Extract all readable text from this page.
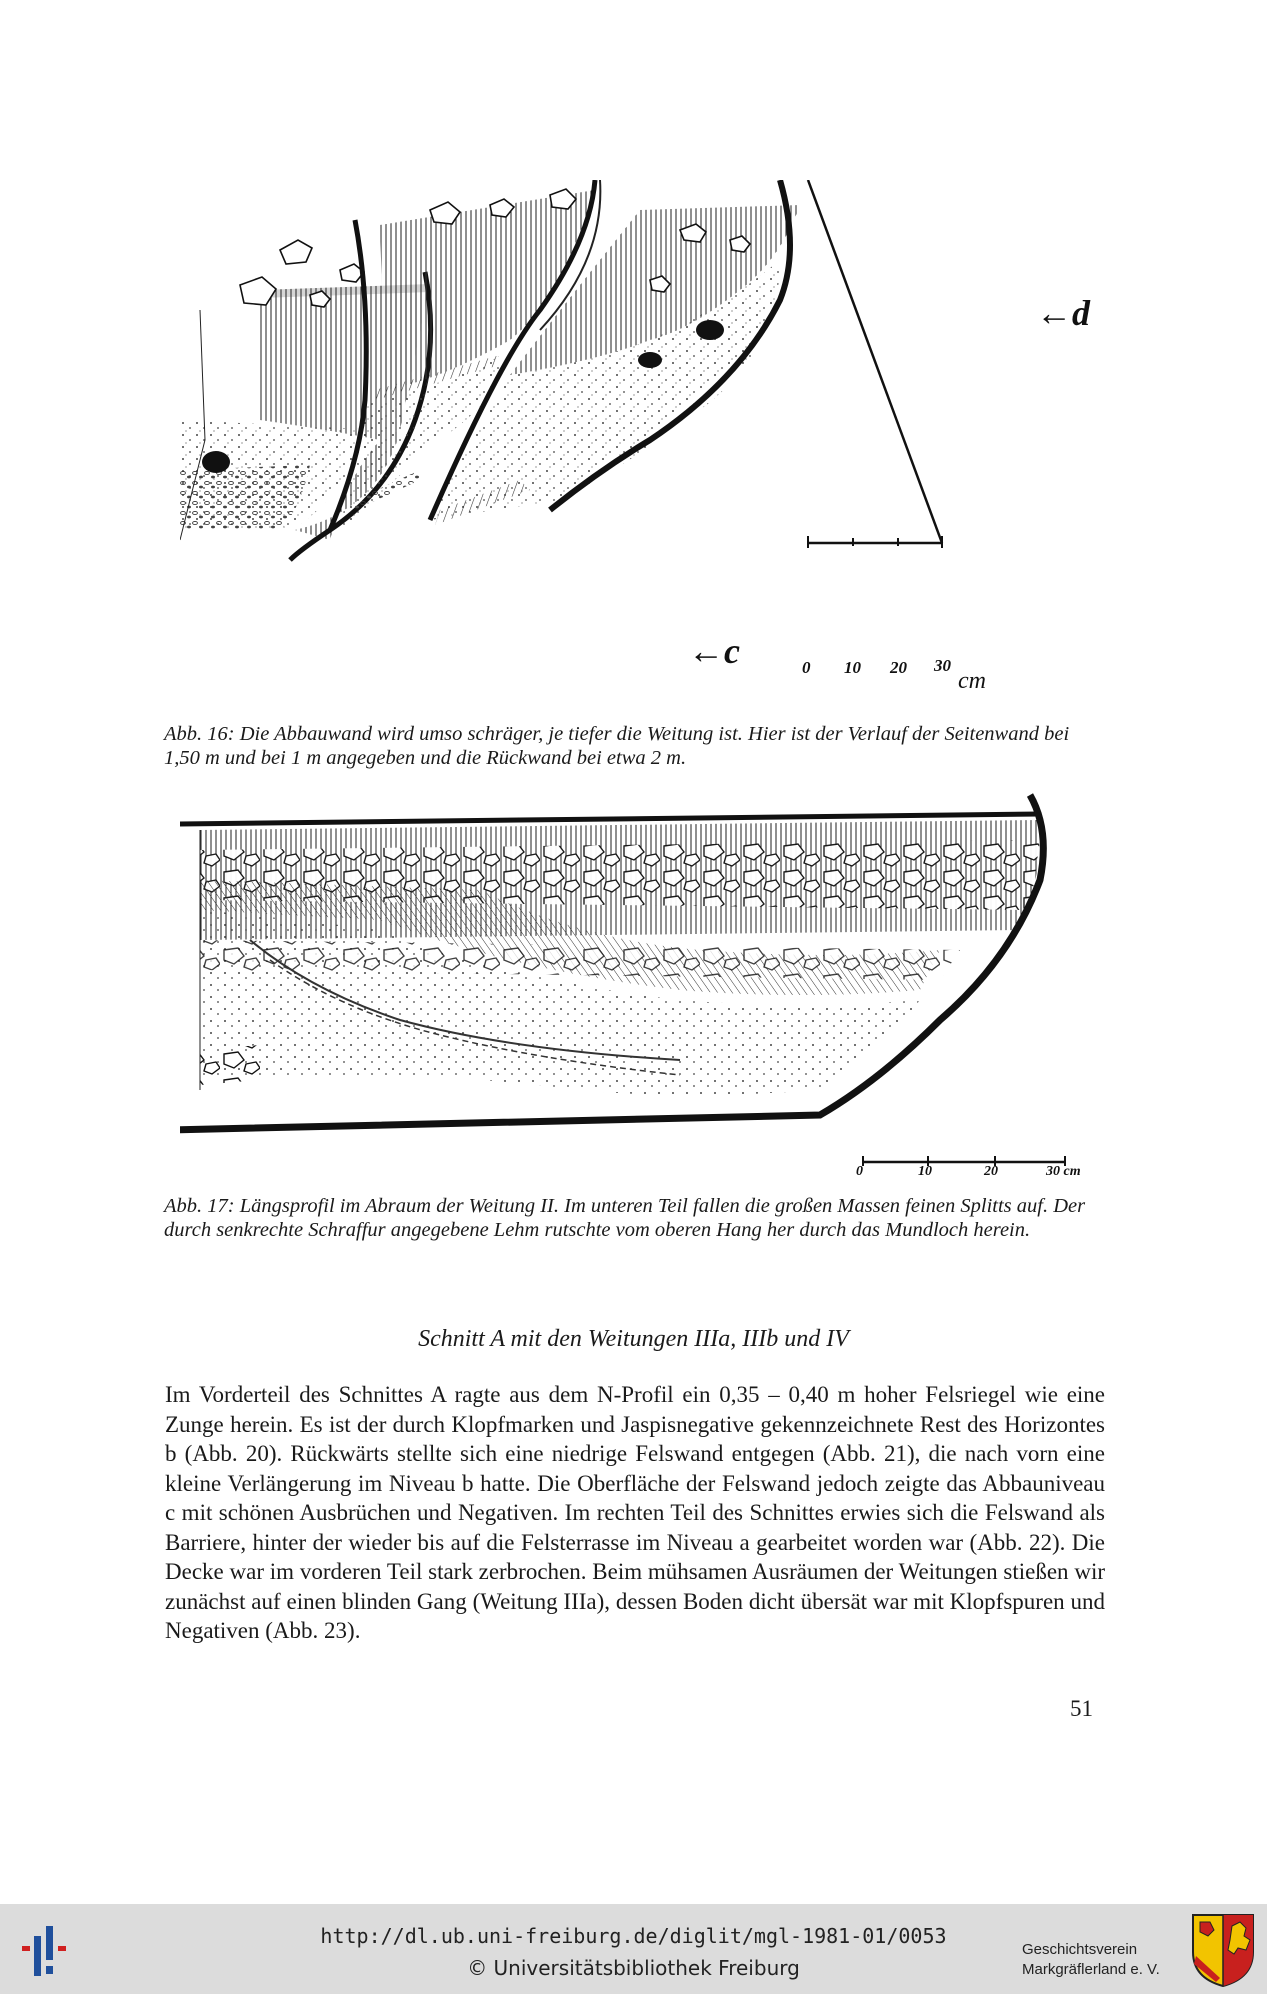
←c
←d
0 10 20 30
cm
Abb. 16: Die Abbauwand wird umso schräger, je tiefer die Weitung ist. Hier ist der Verlauf der Seitenwand bei 1,50 m und bei 1 m angegeben und die Rückwand bei etwa 2 m.
0	10	20	30 cm
Abb. 17: Längsprofil im Abraum der Weitung II. Im unteren Teil fallen die großen Massen feinen Splitts auf. Der durch senkrechte Schraffur angegebene Lehm rutschte vom oberen Hang her durch das Mundloch herein.
Schnitt A mit den Weitungen IIIa, IIIb und IV
Im Vorderteil des Schnittes A ragte aus dem N-Profil ein 0,35 – 0,40 m hoher Felsriegel wie eine Zunge herein. Es ist der durch Klopfmarken und Jaspisnegative gekennzeichnete Rest des Horizontes b (Abb. 20). Rückwärts stellte sich eine niedrige Felswand entgegen (Abb. 21), die nach vorn eine kleine Verlängerung im Niveau b hatte. Die Oberfläche der Felswand jedoch zeigte das Abbauniveau c mit schönen Ausbrüchen und Negativen. Im rechten Teil des Schnittes erwies sich die Felswand als Barriere, hinter der wieder bis auf die Felsterrasse im Niveau a gearbeitet worden war (Abb. 22). Die Decke war im vorderen Teil stark zerbrochen. Beim mühsamen Ausräumen der Weitungen stießen wir zunächst auf einen blinden Gang (Weitung IIIa), dessen Boden dicht übersät war mit Klopfspuren und Negativen (Abb. 23).
51
http://dl.ub.uni-freiburg.de/diglit/mgl-1981-01/0053
© Universitätsbibliothek Freiburg
Geschichtsverein
Markgräflerland e. V.
